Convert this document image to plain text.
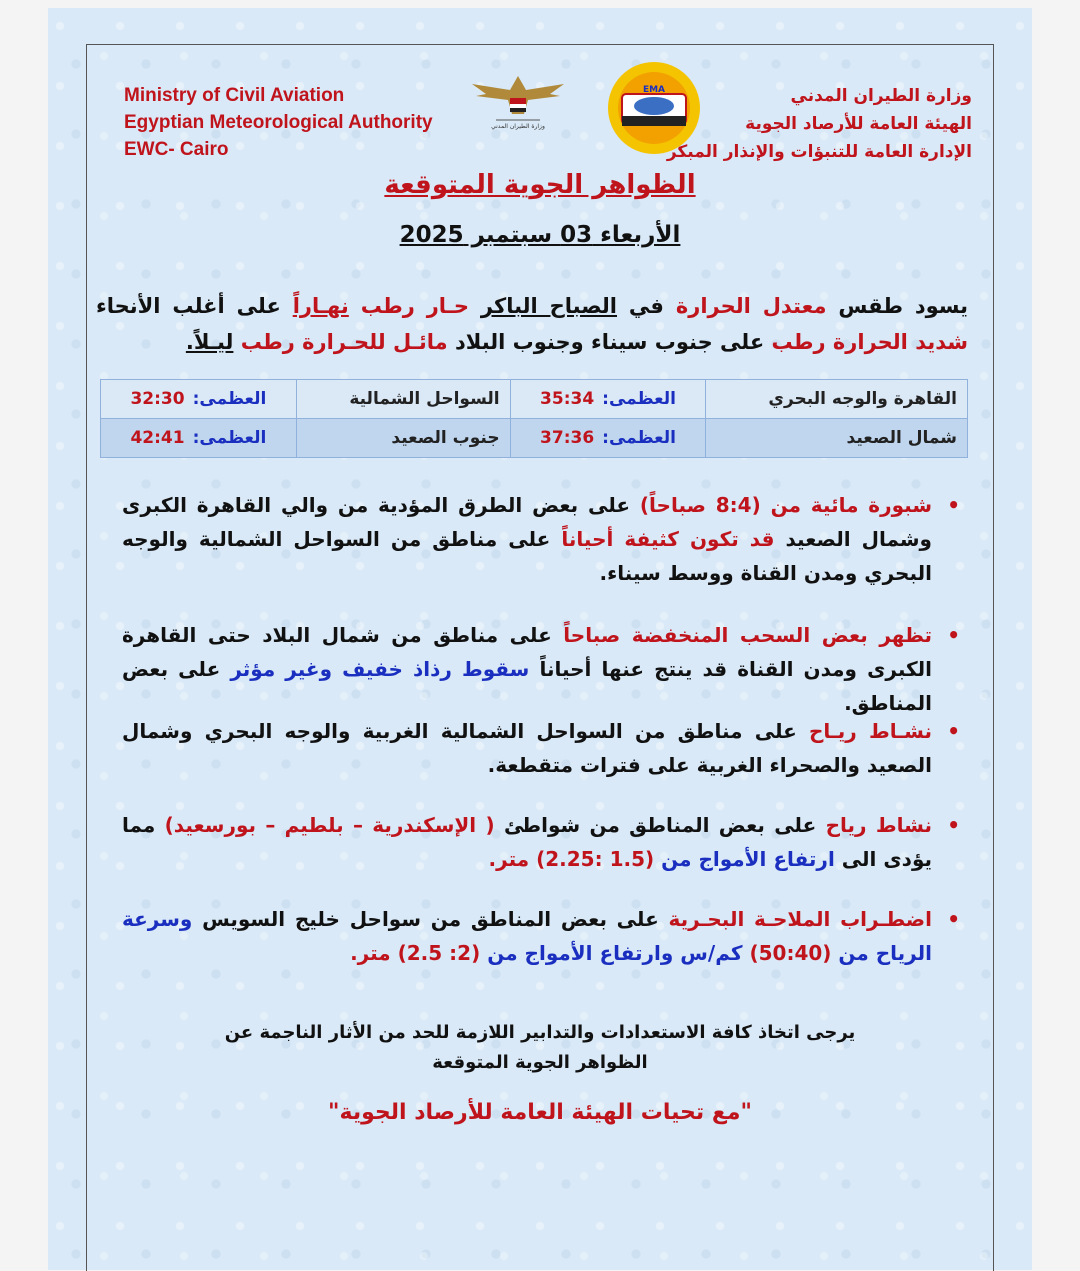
Ministry of Civil Aviation
Egyptian Meteorological Authority
EWC- Cairo
وزارة الطيران المدني
EMA	وزارة الطيران المدني
الهيئة العامة للأرصاد الجوية
الإدارة العامة للتنبؤات والإنذار المبكر
الظواهر الجوية المتوقعة
الأربعاء 03 سبتمبر 2025
يسود طقس معتدل الحرارة في الصباح الباكر حـار رطب نهـاراً على أغلب الأنحاء شديد الحرارة رطب على جنوب سيناء وجنوب البلاد مائـل للحـرارة رطب ليـلاً.
القاهرة والوجه البحري	العظمى:35:34	السواحل الشمالية	العظمى:32:30
شمال الصعيد	العظمى:37:36	جنوب الصعيد	العظمى:42:41
•
شبورة مائية من (8:4 صباحاً) على بعض الطرق المؤدية من والي القاهرة الكبرى وشمال الصعيد قد تكون كثيفة أحياناً على مناطق من السواحل الشمالية والوجه البحري ومدن القناة ووسط سيناء.
•
تظهر بعض السحب المنخفضة صباحاً على مناطق من شمال البلاد حتى القاهرة الكبرى ومدن القناة قد ينتج عنها أحياناً سقوط رذاذ خفيف وغير مؤثر على بعض المناطق.
•
نشـاط ريـاح على مناطق من السواحل الشمالية الغربية والوجه البحري وشمال الصعيد والصحراء الغربية على فترات متقطعة.
•
نشاط رياح على بعض المناطق من شواطئ ( الإسكندرية – بلطيم – بورسعيد) مما يؤدى الى ارتفاع الأمواج من (1.5 :2.25) متر.
•
اضطـراب الملاحـة البحـرية على بعض المناطق من سواحل خليج السويس وسرعة الرياح من (50:40) كم/س وارتفاع الأمواج من (2: 2.5) متر.
يرجى اتخاذ كافة الاستعدادات والتدابير اللازمة للحد من الأثار الناجمة عن
الظواهر الجوية المتوقعة
"مع تحيات الهيئة العامة للأرصاد الجوية"
